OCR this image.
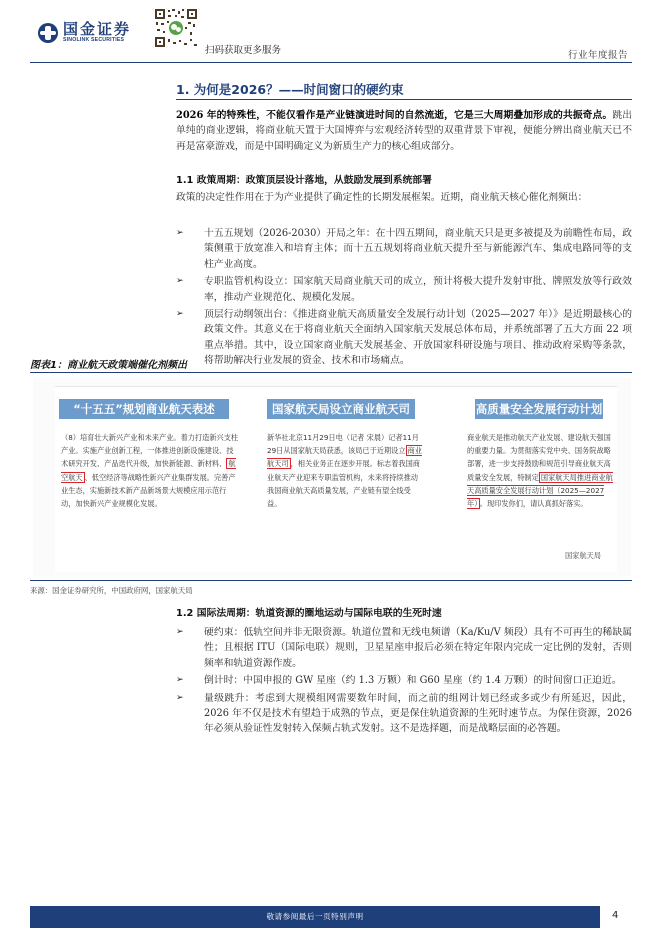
国金证券
SINOLINK SECURITIES
扫码获取更多服务	行业年度报告
1. 为何是2026？——时间窗口的硬约束
2026 年的特殊性，不能仅看作是产业链演进时间的自然流逝，它是三大周期叠加形成的共振奇点。跳出单纯的商业逻辑，将商业航天置于大国博弈与宏观经济转型的双重背景下审视，便能分辨出商业航天已不再是富豪游戏，而是中国明确定义为新质生产力的核心组成部分。
1.1 政策周期：政策顶层设计落地，从鼓励发展到系统部署
政策的决定性作用在于为产业提供了确定性的长期发展框架。近期，商业航天核心催化剂频出：
➢ 十五五规划（2026-2030）开局之年：在十四五期间，商业航天只是更多被提及为前瞻性布局，政策侧重于放宽准入和培育主体；而十五五规划将商业航天提升至与新能源汽车、集成电路同等的支柱产业高度。
➢ 专职监管机构设立：国家航天局商业航天司的成立，预计将极大提升发射审批、牌照发放等行政效率，推动产业规范化、规模化发展。
➢ 顶层行动纲领出台：《推进商业航天高质量安全发展行动计划（2025—2027 年）》是近期最核心的政策文件。其意义在于将商业航天全面纳入国家航天发展总体布局，并系统部署了五大方面 22 项重点举措。其中，设立国家商业航天发展基金、开放国家科研设施与项目、推动政府采购等条款，将帮助解决行业发展的资金、技术和市场痛点。
图表1：商业航天政策端催化剂频出
“十五五”规划商业航天表述
（8）培育壮大新兴产业和未来产业。着力打造新兴支柱产业。实施产业创新工程，一体推进创新设施建设、技术研究开发、产品迭代升级，加快新能源、新材料、 航空航天 、低空经济等战略性新兴产业集群发展。完善产业生态，实施新技术新产品新场景大规模应用示范行动，加快新兴产业规模化发展。
国家航天局设立商业航天司
新华社北京11月29日电（记者 宋晨）记者11月29日从国家航天局获悉，该局已于近期设立 商业航天司 ，相关业务正在逐步开展。标志着我国商业航天产业迎来专职监管机构，未来将持续推动我国商业航天高质量发展，产业链有望全线受益。
高质量安全发展行动计划
商业航天是推动航天产业发展、建设航天强国的重要力量。为贯彻落实党中央、国务院战略部署，进一步支持鼓励和规范引导商业航天高质量安全发展，特制定 国家航天局推进商业航天高质量安全发展行动计划（2025—2027年） 。现印发你们，请认真抓好落实。
国家航天局
来源：国金证券研究所，中国政府网，国家航天局
1.2 国际法周期：轨道资源的圈地运动与国际电联的生死时速
➢ 硬约束：低轨空间并非无限资源。轨道位置和无线电频谱（Ka/Ku/V 频段）具有不可再生的稀缺属性；且根据 ITU（国际电联）规则，卫星星座申报后必须在特定年限内完成一定比例的发射，否则频率和轨道资源作废。
➢ 倒计时：中国申报的 GW 星座（约 1.3 万颗）和 G60 星座（约 1.4 万颗）的时间窗口正迫近。
➢ 量级跳升：考虑到大规模组网需要数年时间，而之前的组网计划已经或多或少有所延迟，因此，2026 年不仅是技术有望趋于成熟的节点，更是保住轨道资源的生死时速节点。为保住资源，2026 年必须从验证性发射转入保频占轨式发射。这不是选择题，而是战略层面的必答题。
敬请参阅最后一页特别声明	4
